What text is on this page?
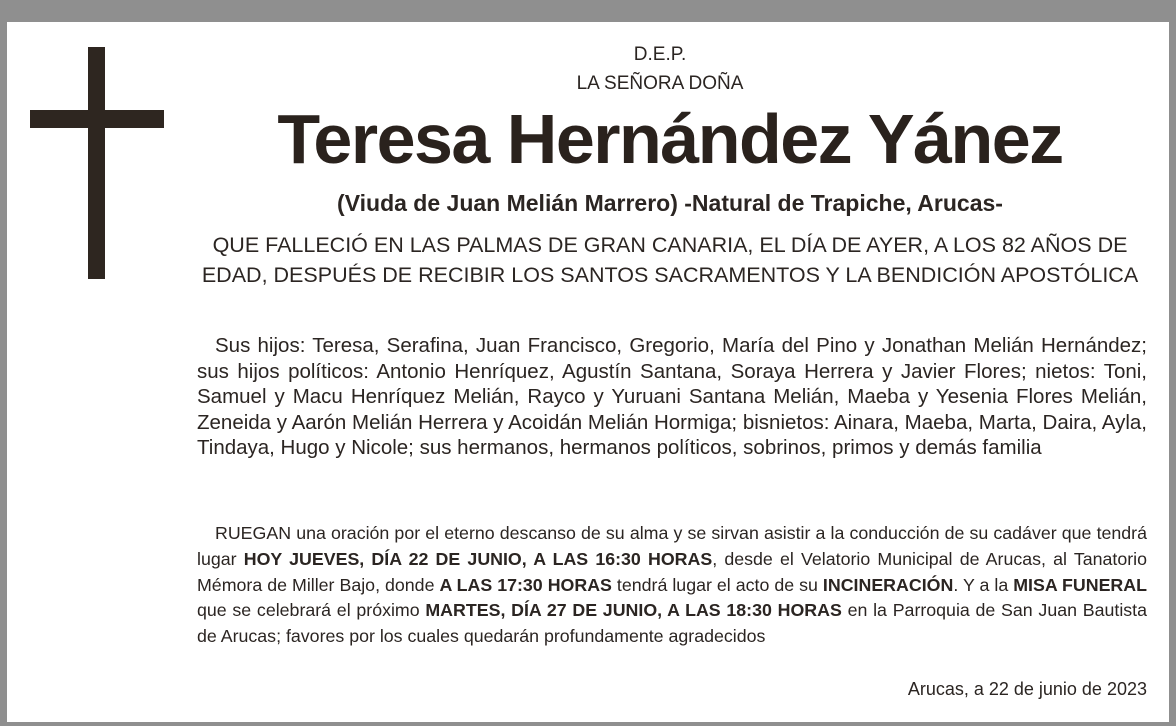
D.E.P.
LA SEÑORA DOÑA
Teresa Hernández Yánez
(Viuda de Juan Melián Marrero) -Natural de Trapiche, Arucas-
QUE FALLECIÓ EN LAS PALMAS DE GRAN CANARIA, EL DÍA DE AYER, A LOS 82 AÑOS DE EDAD, DESPUÉS DE RECIBIR LOS SANTOS SACRAMENTOS Y LA BENDICIÓN APOSTÓLICA
Sus hijos: Teresa, Serafina, Juan Francisco, Gregorio, María del Pino y Jonathan Melián Hernández; sus hijos políticos: Antonio Henríquez, Agustín Santana, Soraya Herrera y Javier Flores; nietos: Toni, Samuel y Macu Henríquez Melián, Rayco y Yuruani Santana Melián, Maeba y Yesenia Flores Melián, Zeneida y Aarón Melián Herrera y Acoidán Melián Hormiga; bisnietos: Ainara, Maeba, Marta, Daira, Ayla, Tindaya, Hugo y Nicole; sus hermanos, hermanos políticos, sobrinos, primos y demás familia
RUEGAN una oración por el eterno descanso de su alma y se sirvan asistir a la conducción de su cadáver que tendrá lugar HOY JUEVES, DÍA 22 DE JUNIO, A LAS 16:30 HORAS, desde el Velatorio Municipal de Arucas, al Tanatorio Mémora de Miller Bajo, donde A LAS 17:30 HORAS tendrá lugar el acto de su INCINERACIÓN. Y a la MISA FUNERAL que se celebrará el próximo MARTES, DÍA 27 DE JUNIO, A LAS 18:30 HORAS en la Parroquia de San Juan Bautista de Arucas; favores por los cuales quedarán profundamente agradecidos
Arucas, a 22 de junio de 2023
